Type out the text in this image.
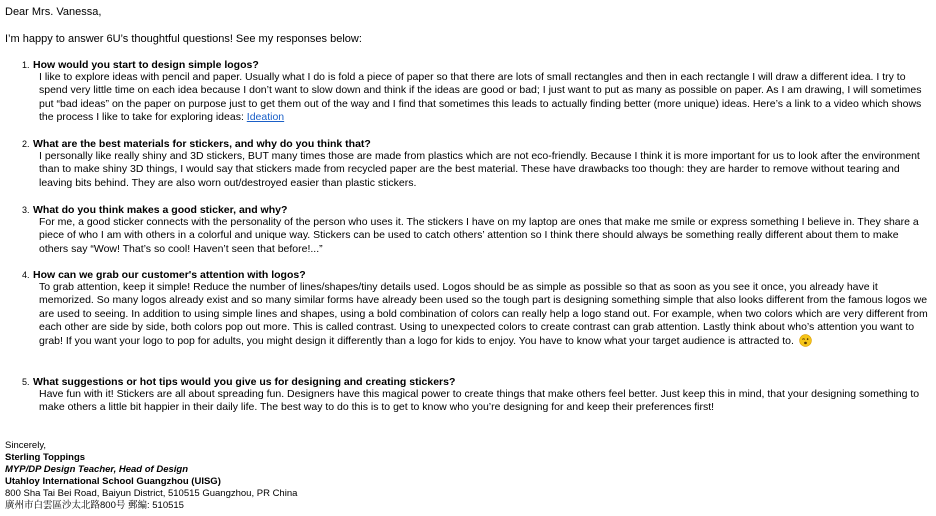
Dear Mrs. Vanessa,
I’m happy to answer 6U’s thoughtful questions! See my responses below:
1. How would you start to design simple logos?
I like to explore ideas with pencil and paper. Usually what I do is fold a piece of paper so that there are lots of small rectangles and then in each rectangle I will draw a different idea. I try to spend very little time on each idea because I don’t want to slow down and think if the ideas are good or bad; I just want to put as many as possible on paper. As I am drawing, I will sometimes put “bad ideas” on the paper on purpose just to get them out of the way and I find that sometimes this leads to actually finding better (more unique) ideas. Here’s a link to a video which shows the process I like to take for exploring ideas: Ideation
2. What are the best materials for stickers, and why do you think that?
I personally like really shiny and 3D stickers, BUT many times those are made from plastics which are not eco-friendly. Because I think it is more important for us to look after the environment than to make shiny 3D things, I would say that stickers made from recycled paper are the best material. These have drawbacks too though: they are harder to remove without tearing and leaving bits behind. They are also worn out/destroyed easier than plastic stickers.
3. What do you think makes a good sticker, and why?
For me, a good sticker connects with the personality of the person who uses it. The stickers I have on my laptop are ones that make me smile or express something I believe in. They share a piece of who I am with others in a colorful and unique way. Stickers can be used to catch others’ attention so I think there should always be something really different about them to make others say “Wow! That’s so cool! Haven’t seen that before!...”
4. How can we grab our customer's attention with logos?
To grab attention, keep it simple! Reduce the number of lines/shapes/tiny details used. Logos should be as simple as possible so that as soon as you see it once, you already have it memorized. So many logos already exist and so many similar forms have already been used so the tough part is designing something simple that also looks different from the famous logos we are used to seeing. In addition to using simple lines and shapes, using a bold combination of colors can really help a logo stand out. For example, when two colors which are very different from each other are side by side, both colors pop out more. This is called contrast. Using to unexpected colors to create contrast can grab attention. Lastly think about who’s attention you want to grab! If you want your logo to pop for adults, you might design it differently than a logo for kids to enjoy. You have to know what your target audience is attracted to.
5. What suggestions or hot tips would you give us for designing and creating stickers?
Have fun with it! Stickers are all about spreading fun. Designers have this magical power to create things that make others feel better. Just keep this in mind, that your designing something to make others a little bit happier in their daily life. The best way to do this is to get to know who you’re designing for and keep their preferences first!
Sincerely,
Sterling Toppings
MYP/DP Design Teacher, Head of Design
Utahloy International School Guangzhou (UISG)
800 Sha Tai Bei Road, Baiyun District, 510515 Guangzhou, PR China
廣州市白雲區沙太北路800号 郵編: 510515
